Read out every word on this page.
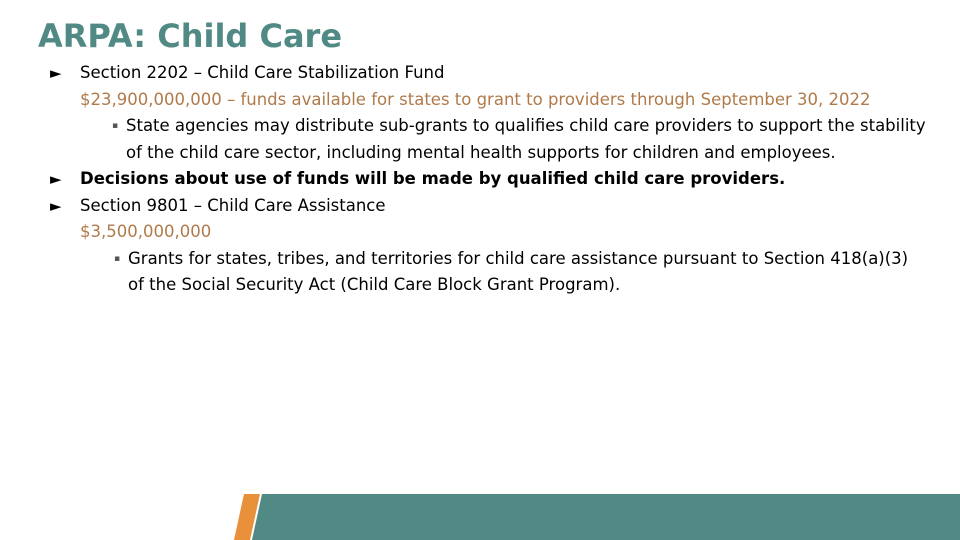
ARPA: Child Care
► Section 2202 – Child Care Stabilization Fund
$23,900,000,000 – funds available for states to grant to providers through September 30, 2022
▪ State agencies may distribute sub-grants to qualifies child care providers to support the stability of the child care sector, including mental health supports for children and employees.
► Decisions about use of funds will be made by qualified child care providers.
► Section 9801 – Child Care Assistance
$3,500,000,000
▪ Grants for states, tribes, and territories for child care assistance pursuant to Section 418(a)(3) of the Social Security Act (Child Care Block Grant Program).
